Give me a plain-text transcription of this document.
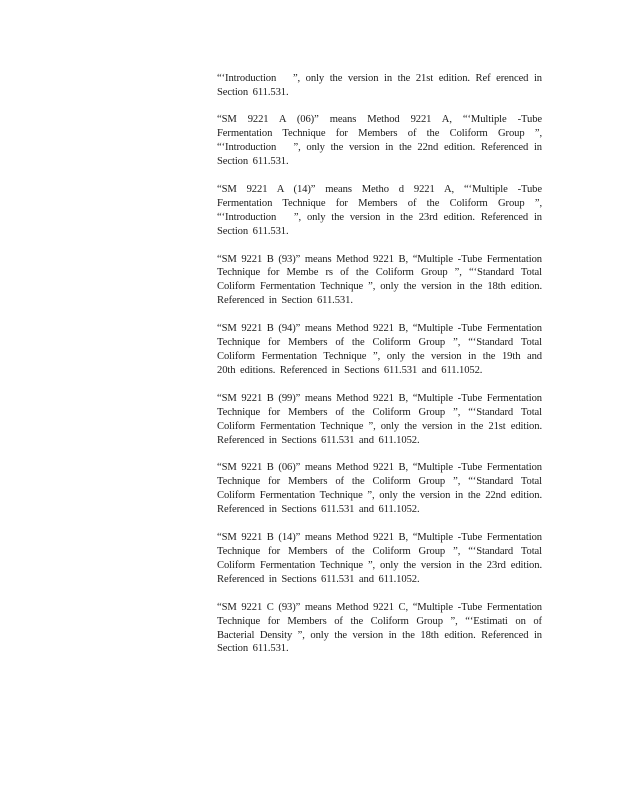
“‘Introduction   ”, only the version in the 21st edition. Ref erenced in Section 611.531.

“SM 9221 A (06)” means Method 9221 A, “‘Multiple -Tube Fermentation Technique for Members of the Coliform Group ”, “‘Introduction   ”, only the version in the 22nd edition. Referenced in Section 611.531.

“SM 9221 A (14)” means Metho d 9221 A, “‘Multiple -Tube Fermentation Technique for Members of the Coliform Group ”, “‘Introduction   ”, only the version in the 23rd edition. Referenced in Section 611.531.

“SM 9221 B (93)” means Method 9221 B, “Multiple -Tube Fermentation Technique for Membe rs of the Coliform Group ”, “‘Standard Total Coliform Fermentation Technique ”, only the version in the 18th edition. Referenced in Section 611.531.

“SM 9221 B (94)” means Method 9221 B, “Multiple -Tube Fermentation Technique for Members of the Coliform Group ”, “‘Standard Total Coliform Fermentation Technique ”, only the version in the 19th and 20th editions. Referenced in Sections 611.531 and 611.1052.

“SM 9221 B (99)” means Method 9221 B, “Multiple -Tube Fermentation Technique for Members of the Coliform Group ”, “‘Standard Total Coliform Fermentation Technique ”, only the version in the 21st edition. Referenced in Sections 611.531 and 611.1052.

“SM 9221 B (06)” means Method 9221 B, “Multiple -Tube Fermentation Technique for Members of the Coliform Group ”, “‘Standard Total Coliform Fermentation Technique ”, only the version in the 22nd edition. Referenced in Sections 611.531 and 611.1052.

“SM 9221 B (14)” means Method 9221 B, “Multiple -Tube Fermentation Technique for Members of the Coliform Group ”, “‘Standard Total Coliform Fermentation Technique ”, only the version in the 23rd edition. Referenced in Sections 611.531 and 611.1052.

“SM 9221 C (93)” means Method 9221 C, “Multiple -Tube Fermentation Technique for Members of the Coliform Group ”, “‘Estimati on of Bacterial Density ”, only the version in the 18th edition. Referenced in Section 611.531.
